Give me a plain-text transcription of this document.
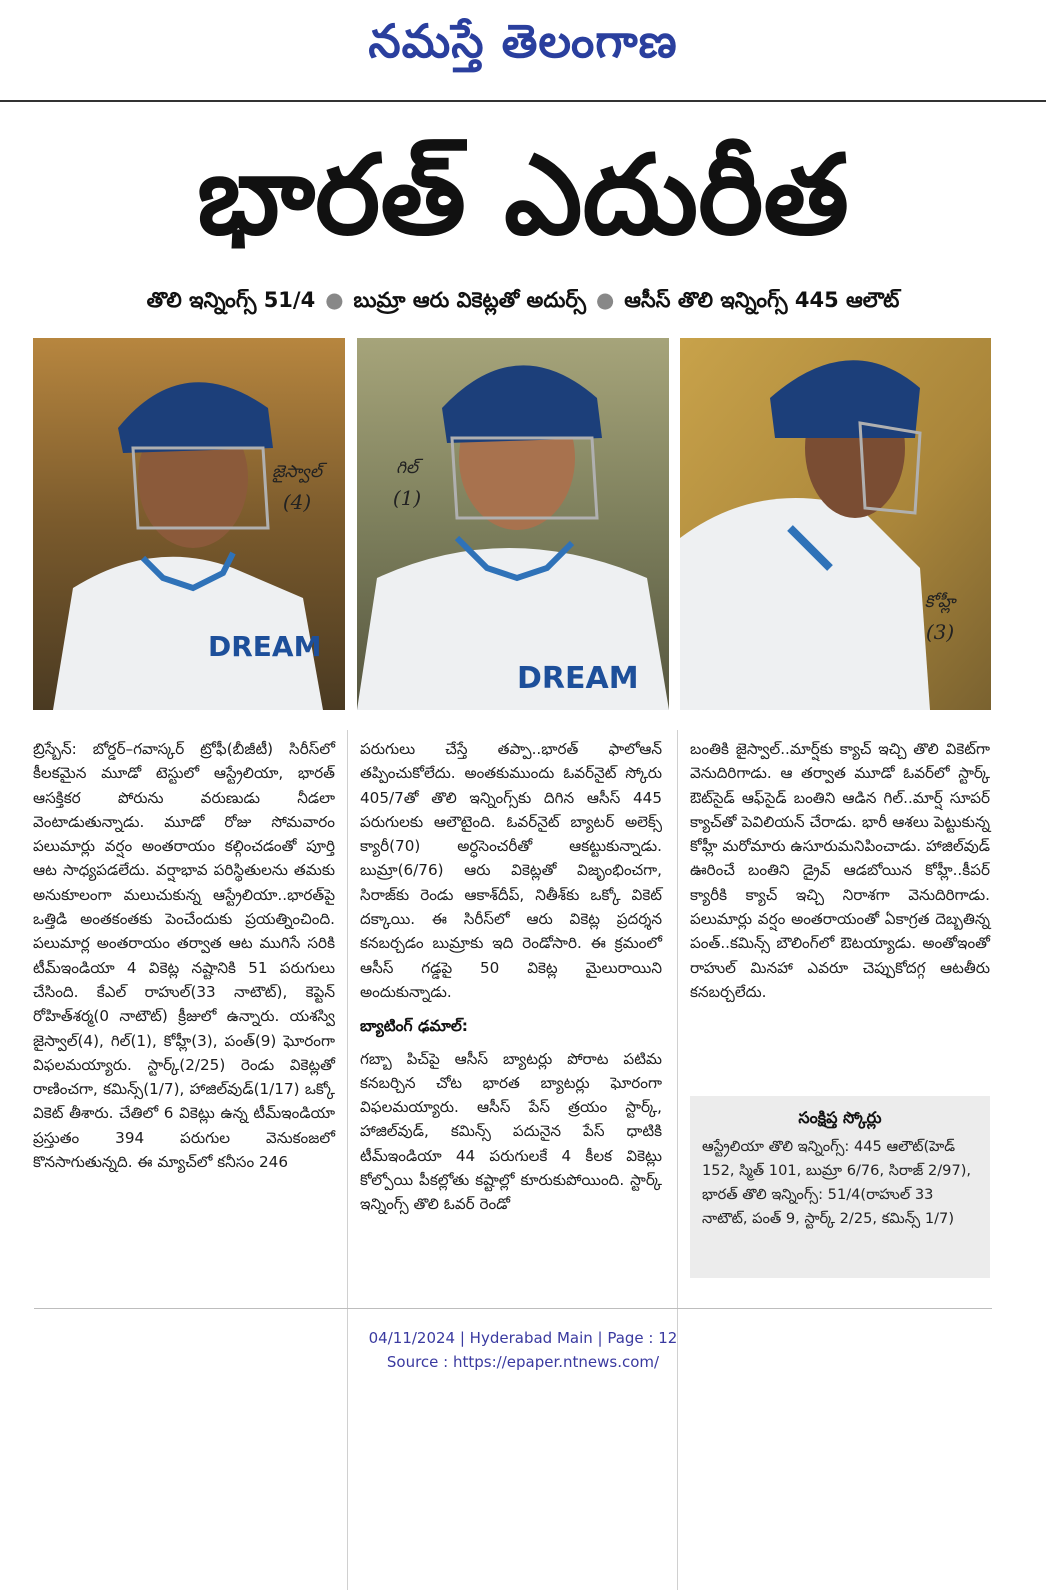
నమస్తే తెలంగాణ
భారత్ ఎదురీత
తొలి ఇన్నింగ్స్ 51/4 ● బుమ్రా ఆరు వికెట్లతో అదుర్స్ ● ఆసీస్ తొలి ఇన్నింగ్స్ 445 ఆలౌట్
DREAM
జైస్వాల్
(4)
DREAM
గిల్
(1)
కోహ్లీ
(3)

బ్రిస్బేన్: బోర్డర్–గవాస్కర్ ట్రోఫీ(బీజీటీ) సిరీస్‌లో కీలకమైన మూడో టెస్టులో ఆస్ట్రేలియా, భారత్ ఆసక్తికర పోరును వరుణుడు నీడలా వెంటాడుతున్నాడు. మూడో రోజు సోమవారం పలుమార్లు వర్షం అంతరాయం కల్గించడంతో పూర్తి ఆట సాధ్యపడలేదు. వర్షాభావ పరిస్థితులను తమకు అనుకూలంగా మలుచుకున్న ఆస్ట్రేలియా..భారత్‌పై ఒత్తిడి అంతకంతకు పెంచేందుకు ప్రయత్నించింది. పలుమార్ల అంతరాయం తర్వాత ఆట ముగిసే సరికి టీమ్‌ఇండియా 4 వికెట్ల నష్టానికి 51 పరుగులు చేసింది. కేఎల్ రాహుల్(33 నాటౌట్), కెప్టెన్ రోహిత్‌శర్మ(0 నాటౌట్) క్రీజులో ఉన్నారు. యశస్వి జైస్వాల్(4), గిల్(1), కోహ్లీ(3), పంత్(9) ఘోరంగా విఫలమయ్యారు. స్టార్క్(2/25) రెండు వికెట్లతో రాణించగా, కమిన్స్(1/7), హాజిల్‌వుడ్(1/17) ఒక్కో వికెట్ తీశారు. చేతిలో 6 వికెట్లు ఉన్న టీమ్‌ఇండియా ప్రస్తుతం 394 పరుగుల వెనుకంజలో కొనసాగుతున్నది. ఈ మ్యాచ్‌లో కనీసం 246

పరుగులు చేస్తే తప్పా..భారత్ ఫాలోఆన్ తప్పించుకోలేదు. అంతకుముందు ఓవర్‌నైట్ స్కోరు 405/7తో తొలి ఇన్నింగ్స్‌కు దిగిన ఆసీస్ 445 పరుగులకు ఆలౌటైంది. ఓవర్‌నైట్ బ్యాటర్ అలెక్స్ క్యారీ(70) అర్ధసెంచరీతో ఆకట్టుకున్నాడు. బుమ్రా(6/76) ఆరు వికెట్లతో విజృంభించగా, సిరాజ్‌కు రెండు ఆకాశ్‌దీప్, నితీశ్‌కు ఒక్కో వికెట్ దక్కాయి. ఈ సిరీస్‌లో ఆరు వికెట్ల ప్రదర్శన కనబర్చడం బుమ్రాకు ఇది రెండోసారి. ఈ క్రమంలో ఆసీస్ గడ్డపై 50 వికెట్ల మైలురాయిని అందుకున్నాడు.

బ్యాటింగ్ ఢమాల్:

గబ్బా పిచ్‌పై ఆసీస్ బ్యాటర్లు పోరాట పటిమ కనబర్చిన చోట భారత బ్యాటర్లు ఘోరంగా విఫలమయ్యారు. ఆసీస్ పేస్ త్రయం స్టార్క్, హాజిల్‌వుడ్, కమిన్స్ పదునైన పేస్ ధాటికి టీమ్‌ఇండియా 44 పరుగులకే 4 కీలక వికెట్లు కోల్పోయి పీకల్లోతు కష్టాల్లో కూరుకుపోయింది. స్టార్క్ ఇన్నింగ్స్ తొలి ఓవర్ రెండో

బంతికి జైస్వాల్..మార్ష్‌కు క్యాచ్ ఇచ్చి తొలి వికెట్‌గా వెనుదిరిగాడు. ఆ తర్వాత మూడో ఓవర్‌లో స్టార్క్ ఔట్‌సైడ్ ఆఫ్‌సైడ్ బంతిని ఆడిన గిల్..మార్ష్ సూపర్ క్యాచ్‌తో పెవిలియన్ చేరాడు. భారీ ఆశలు పెట్టుకున్న కోహ్లీ మరోమారు ఉసూరుమనిపించాడు. హాజిల్‌వుడ్ ఊరించే బంతిని డ్రైవ్ ఆడబోయిన కోహ్లీ..కీపర్ క్యారీకి క్యాచ్ ఇచ్చి నిరాశగా వెనుదిరిగాడు. పలుమార్లు వర్షం అంతరాయంతో ఏకాగ్రత దెబ్బతిన్న పంత్..కమిన్స్ బౌలింగ్‌లో ఔటయ్యాడు. అంతోఇంతో రాహుల్ మినహా ఎవరూ చెప్పుకోదగ్గ ఆటతీరు కనబర్చలేదు.

సంక్షిప్త స్కోర్లు
ఆస్ట్రేలియా తొలి ఇన్నింగ్స్: 445 ఆలౌట్(హెడ్ 152, స్మిత్ 101, బుమ్రా 6/76, సిరాజ్ 2/97), భారత్ తొలి ఇన్నింగ్స్: 51/4(రాహుల్ 33 నాటౌట్, పంత్ 9, స్టార్క్ 2/25, కమిన్స్ 1/7)
04/11/2024 | Hyderabad Main | Page : 12
Source : https://epaper.ntnews.com/
